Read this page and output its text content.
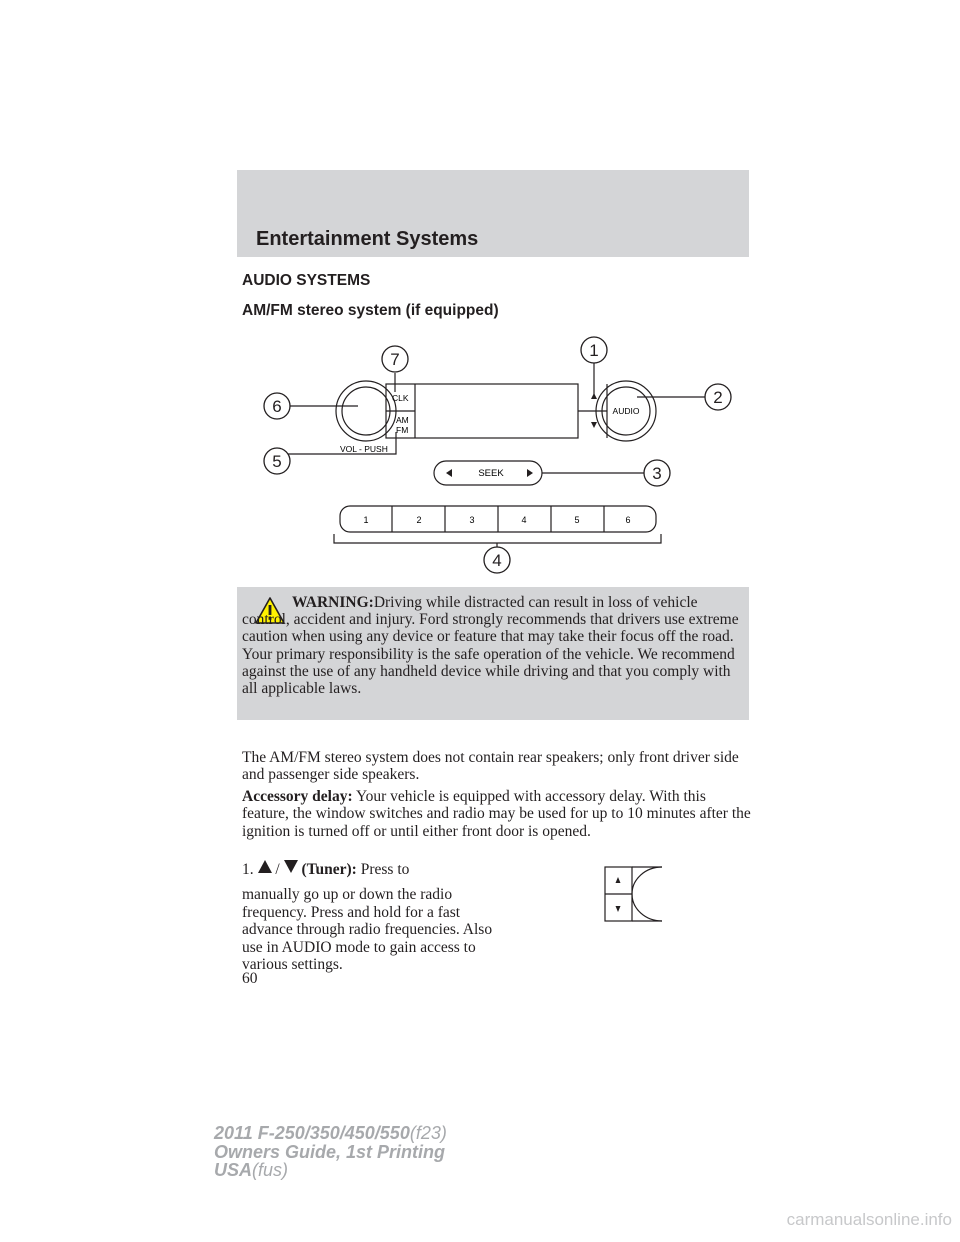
Entertainment Systems
AUDIO SYSTEMS
AM/FM stereo system (if equipped)
CLK
AM
FM
VOL - PUSH
AUDIO
SEEK
1	2	3	4	5	6
7	1
2
3
4
5
6
WARNING:Driving while distracted can result in loss of vehicle control, accident and injury. Ford strongly recommends that drivers use extreme caution when using any device or feature that may take their focus off the road. Your primary responsibility is the safe operation of the vehicle. We recommend against the use of any handheld device while driving and that you comply with all applicable laws.

The AM/FM stereo system does not contain rear speakers; only front driver side and passenger side speakers.

Accessory delay: Your vehicle is equipped with accessory delay. With this feature, the window switches and radio may be used for up to 10 minutes after the ignition is turned off or until either front door is opened.

1. / (Tuner): Press to
manually go up or down the radio frequency. Press and hold for a fast advance through radio frequencies. Also use in AUDIO mode to gain access to various settings.
60
2011 F-250/350/450/550(f23)
Owners Guide, 1st Printing
USA(fus)
carmanualsonline.info
